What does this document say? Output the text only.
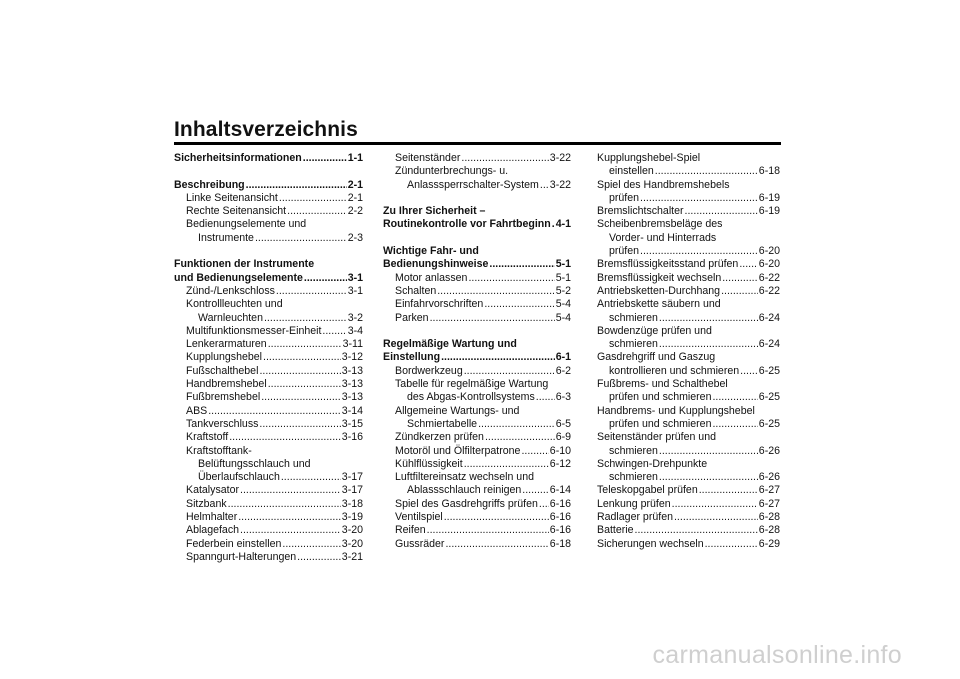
Inhaltsverzeichnis
Sicherheitsinformationen .....	1-1
Beschreibung .....	2-1
Linke Seitenansicht .....	2-1
Rechte Seitenansicht .....	2-2
Bedienungselemente und
Instrumente .....	2-3
Funktionen der Instrumente
und Bedienungselemente .....	3-1
Zünd-/Lenkschloss .....	3-1
Kontrollleuchten und
Warnleuchten .....	3-2
Multifunktionsmesser-Einheit ..... 3-4
Lenkerarmaturen .....	3-11
Kupplungshebel .....	3-12
Fußschalthebel .....	3-13
Handbremshebel .....	3-13
Fußbremshebel .....	3-13
ABS .....	3-14
Tankverschluss .....	3-15
Kraftstoff .....	3-16
Kraftstofftank-
Belüftungsschlauch und
Überlaufschlauch .....	3-17
Katalysator .....	3-17
Sitzbank .....	3-18
Helmhalter .....	3-19
Ablagefach .....	3-20
Federbein einstellen .....	3-20
Spanngurt-Halterungen .....	3-21
Seitenständer .....	3-22
Zündunterbrechungs- u.
Anlasssperrschalter-System ..... 3-22
Zu Ihrer Sicherheit –
Routinekontrolle vor Fahrtbeginn ..... 4-1
Wichtige Fahr- und
Bedienungshinweise .....	5-1
Motor anlassen .....	5-1
Schalten .....	5-2
Einfahrvorschriften .....	5-4
Parken .....	5-4
Regelmäßige Wartung und
Einstellung .....	6-1
Bordwerkzeug .....	6-2
Tabelle für regelmäßige Wartung
des Abgas-Kontrollsystems ..... 6-3
Allgemeine Wartungs- und
Schmiertabelle .....	6-5
Zündkerzen prüfen .....	6-9
Motoröl und Ölfilterpatrone .....	6-10
Kühlflüssigkeit .....	6-12
Luftfiltereinsatz wechseln und
Ablassschlauch reinigen .....	6-14
Spiel des Gasdrehgriffs prüfen ..... 6-16
Ventilspiel .....	6-16
Reifen .....	6-16
Gussräder .....	6-18
Kupplungshebel-Spiel
einstellen .....	6-18
Spiel des Handbremshebels
prüfen .....	6-19
Bremslichtschalter .....	6-19
Scheibenbremsbeläge des
Vorder- und Hinterrads
prüfen .....	6-20
Bremsflüssigkeitsstand prüfen ..... 6-20
Bremsflüssigkeit wechseln .....	6-22
Antriebsketten-Durchhang .....	6-22
Antriebskette säubern und
schmieren .....	6-24
Bowdenzüge prüfen und
schmieren .....	6-24
Gasdrehgriff und Gaszug
kontrollieren und schmieren ..... 6-25
Fußbrems- und Schalthebel
prüfen und schmieren .....	6-25
Handbrems- und Kupplungshebel
prüfen und schmieren .....	6-25
Seitenständer prüfen und
schmieren .....	6-26
Schwingen-Drehpunkte
schmieren .....	6-26
Teleskopgabel prüfen .....	6-27
Lenkung prüfen .....	6-27
Radlager prüfen .....	6-28
Batterie .....	6-28
Sicherungen wechseln .....	6-29
carmanualsonline.info
